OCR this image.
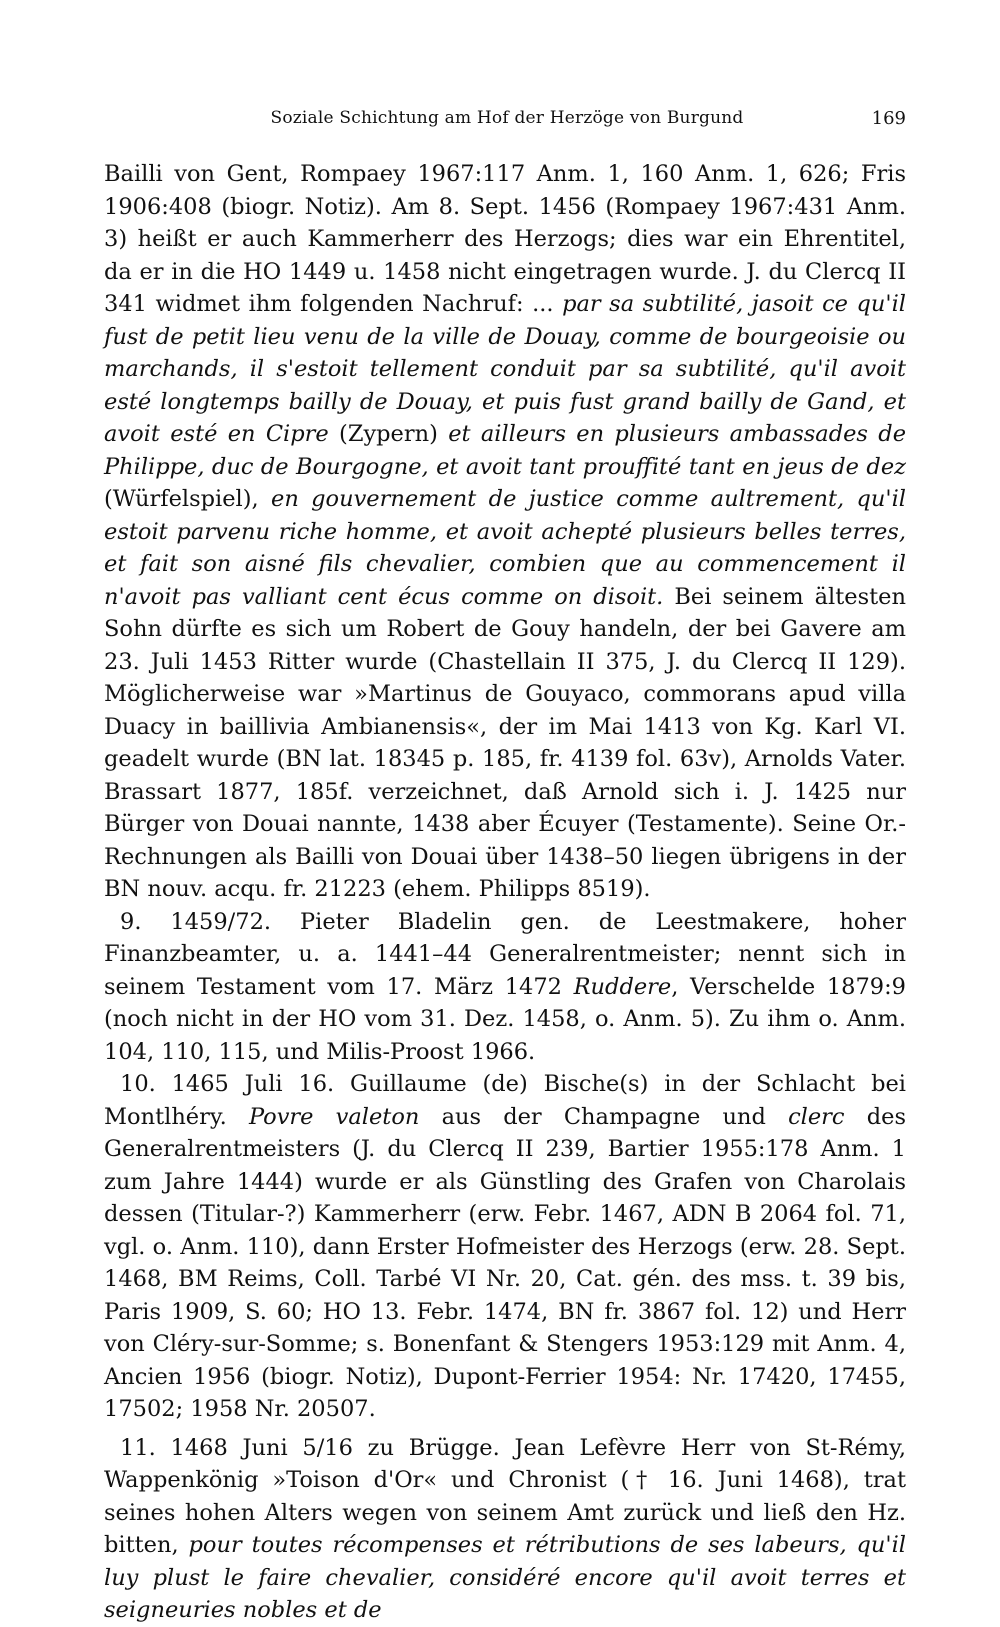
Soziale Schichtung am Hof der Herzöge von Burgund	169

Bailli von Gent, Rompaey 1967:117 Anm. 1, 160 Anm. 1, 626; Fris 1906:408 (biogr. Notiz). Am 8. Sept. 1456 (Rompaey 1967:431 Anm. 3) heißt er auch Kammerherr des Herzogs; dies war ein Ehrentitel, da er in die HO 1449 u. 1458 nicht eingetragen wurde. J. du Clercq II 341 widmet ihm folgenden Nachruf: ... par sa subtilité, jasoit ce qu'il fust de petit lieu venu de la ville de Douay, comme de bourgeoisie ou marchands, il s'estoit tellement conduit par sa subtilité, qu'il avoit esté longtemps bailly de Douay, et puis fust grand bailly de Gand, et avoit esté en Cipre (Zypern) et ailleurs en plusieurs ambassades de Philippe, duc de Bourgogne, et avoit tant prouffité tant en jeus de dez (Würfelspiel), en gouvernement de justice comme aultrement, qu'il estoit parvenu riche homme, et avoit achepté plusieurs belles terres, et fait son aisné fils chevalier, combien que au commencement il n'avoit pas valliant cent écus comme on disoit. Bei seinem ältesten Sohn dürfte es sich um Robert de Gouy handeln, der bei Gavere am 23. Juli 1453 Ritter wurde (Chastellain II 375, J. du Clercq II 129). Möglicherweise war »Martinus de Gouyaco, commorans apud villa Duacy in baillivia Ambianensis«, der im Mai 1413 von Kg. Karl VI. geadelt wurde (BN lat. 18345 p. 185, fr. 4139 fol. 63v), Arnolds Vater. Brassart 1877, 185f. verzeichnet, daß Arnold sich i. J. 1425 nur Bürger von Douai nannte, 1438 aber Écuyer (Testamente). Seine Or.-Rechnungen als Bailli von Douai über 1438–50 liegen übrigens in der BN nouv. acqu. fr. 21223 (ehem. Philipps 8519).

9. 1459/72. Pieter Bladelin gen. de Leestmakere, hoher Finanzbeamter, u. a. 1441–44 Generalrentmeister; nennt sich in seinem Testament vom 17. März 1472 Ruddere, Verschelde 1879:9 (noch nicht in der HO vom 31. Dez. 1458, o. Anm. 5). Zu ihm o. Anm. 104, 110, 115, und Milis-Proost 1966.

10. 1465 Juli 16. Guillaume (de) Bische(s) in der Schlacht bei Montlhéry. Povre valeton aus der Champagne und clerc des Generalrentmeisters (J. du Clercq II 239, Bartier 1955:178 Anm. 1 zum Jahre 1444) wurde er als Günstling des Grafen von Charolais dessen (Titular-?) Kammerherr (erw. Febr. 1467, ADN B 2064 fol. 71, vgl. o. Anm. 110), dann Erster Hofmeister des Herzogs (erw. 28. Sept. 1468, BM Reims, Coll. Tarbé VI Nr. 20, Cat. gén. des mss. t. 39 bis, Paris 1909, S. 60; HO 13. Febr. 1474, BN fr. 3867 fol. 12) und Herr von Cléry-sur-Somme; s. Bonenfant & Stengers 1953:129 mit Anm. 4, Ancien 1956 (biogr. Notiz), Dupont-Ferrier 1954: Nr. 17420, 17455, 17502; 1958 Nr. 20507.

11. 1468 Juni 5/16 zu Brügge. Jean Lefèvre Herr von St-Rémy, Wappenkönig »Toison d'Or« und Chronist († 16. Juni 1468), trat seines hohen Alters wegen von seinem Amt zurück und ließ den Hz. bitten, pour toutes récompenses et rétributions de ses labeurs, qu'il luy plust le faire chevalier, considéré encore qu'il avoit terres et seigneuries nobles et de
